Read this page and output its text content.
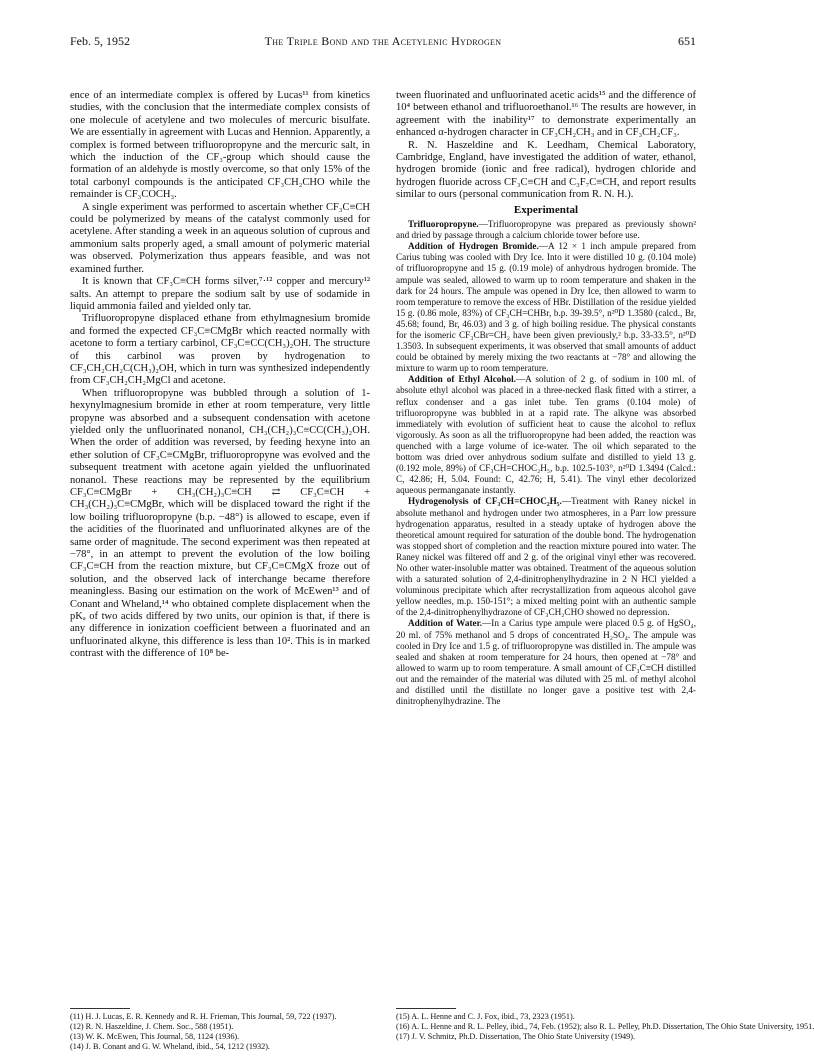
Feb. 5, 1952	The Triple Bond and the Acetylenic Hydrogen	651

ence of an intermediate complex is offered by Lucas¹¹ from kinetics studies, with the conclusion that the intermediate complex consists of one molecule of acetylene and two molecules of mercuric bisulfate. We are essentially in agreement with Lucas and Hennion. Apparently, a complex is formed between trifluoropropyne and the mercuric salt, in which the induction of the CF₃-group which should cause the formation of an aldehyde is mostly overcome, so that only 15% of the total carbonyl compounds is the anticipated CF₃CH₂CHO while the remainder is CF₃COCH₃.

A single experiment was performed to ascertain whether CF₃C≡CH could be polymerized by means of the catalyst commonly used for acetylene. After standing a week in an aqueous solution of cuprous and ammonium salts properly aged, a small amount of polymeric material was observed. Polymerization thus appears feasible, and was not examined further.

It is known that CF₃C≡CH forms silver,⁷·¹² copper and mercury¹² salts. An attempt to prepare the sodium salt by use of sodamide in liquid ammonia failed and yielded only tar.

Trifluoropropyne displaced ethane from ethylmagnesium bromide and formed the expected CF₃C≡CMgBr which reacted normally with acetone to form a tertiary carbinol, CF₃C≡CC(CH₃)₂OH. The structure of this carbinol was proven by hydrogenation to CF₃CH₂CH₂C(CH₃)₂OH, which in turn was synthesized independently from CF₃CH₂CH₂MgCl and acetone.

When trifluoropropyne was bubbled through a solution of 1-hexynylmagnesium bromide in ether at room temperature, very little propyne was absorbed and a subsequent condensation with acetone yielded only the unfluorinated nonanol, CH₃(CH₂)₃C≡CC(CH₃)₂OH. When the order of addition was reversed, by feeding hexyne into an ether solution of CF₃C≡CMgBr, trifluoropropyne was evolved and the subsequent treatment with acetone again yielded the unfluorinated nonanol. These reactions may be represented by the equilibrium CF₃C≡CMgBr + CH₃(CH₂)₃C≡CH ⇄ CF₃C≡CH + CH₃(CH₂)₃C≡CMgBr, which will be displaced toward the right if the low boiling trifluoropropyne (b.p. −48°) is allowed to escape, even if the acidities of the fluorinated and unfluorinated alkynes are of the same order of magnitude. The second experiment was then repeated at −78°, in an attempt to prevent the evolution of the low boiling CF₃C≡CH from the reaction mixture, but CF₃C≡CMgX froze out of solution, and the observed lack of interchange became therefore meaningless. Basing our estimation on the work of McEwen¹³ and of Conant and Wheland,¹⁴ who obtained complete displacement when the pKₐ of two acids differed by two units, our opinion is that, if there is any difference in ionization coefficient between a fluorinated and an unfluorinated alkyne, this difference is less than 10². This is in marked contrast with the difference of 10⁸ be-

tween fluorinated and unfluorinated acetic acids¹⁵ and the difference of 10⁴ between ethanol and trifluoroethanol.¹⁶ The results are however, in agreement with the inability¹⁷ to demonstrate experimentally an enhanced α-hydrogen character in CF₃CH₂CH₃ and in CF₃CH₂CF₃.

R. N. Haszeldine and K. Leedham, Chemical Laboratory, Cambridge, England, have investigated the addition of water, ethanol, hydrogen bromide (ionic and free radical), hydrogen chloride and hydrogen fluoride across CF₃C≡CH and C₃F₇C≡CH, and report results similar to ours (personal communication from R. N. H.).

Experimental

Trifluoropropyne.—Trifluoropropyne was prepared as previously shown² and dried by passage through a calcium chloride tower before use.

Addition of Hydrogen Bromide.—A 12 × 1 inch ampule prepared from Carius tubing was cooled with Dry Ice. Into it were distilled 10 g. (0.104 mole) of trifluoropropyne and 15 g. (0.19 mole) of anhydrous hydrogen bromide. The ampule was sealed, allowed to warm up to room temperature and shaken in the dark for 24 hours. The ampule was opened in Dry Ice, then allowed to warm to room temperature to remove the excess of HBr. Distillation of the residue yielded 15 g. (0.86 mole, 83%) of CF₃CH=CHBr, b.p. 39-39.5°, n²⁰D 1.3580 (calcd., Br, 45.68; found, Br, 46.03) and 3 g. of high boiling residue. The physical constants for the isomeric CF₃CBr=CH₂ have been given previously,² b.p. 33-33.5°, n²⁰D 1.3503. In subsequent experiments, it was observed that small amounts of adduct could be obtained by merely mixing the two reactants at −78° and allowing the mixture to warm up to room temperature.

Addition of Ethyl Alcohol.—A solution of 2 g. of sodium in 100 ml. of absolute ethyl alcohol was placed in a three-necked flask fitted with a stirrer, a reflux condenser and a gas inlet tube. Ten grams (0.104 mole) of trifluoropropyne was bubbled in at a rapid rate. The alkyne was absorbed immediately with evolution of sufficient heat to cause the alcohol to reflux vigorously. As soon as all the trifluoropropyne had been added, the reaction was quenched with a large volume of ice-water. The oil which separated to the bottom was dried over anhydrous sodium sulfate and distilled to yield 13 g. (0.192 mole, 89%) of CF₃CH=CHOC₂H₅, b.p. 102.5-103°, n²⁰D 1.3494 (Calcd.: C, 42.86; H, 5.04. Found: C, 42.76; H, 5.41). The vinyl ether decolorized aqueous permanganate instantly.

Hydrogenolysis of CF₃CH=CHOC₂H₅.—Treatment with Raney nickel in absolute methanol and hydrogen under two atmospheres, in a Parr low pressure hydrogenation apparatus, resulted in a steady uptake of hydrogen above the theoretical amount required for saturation of the double bond. The hydrogenation was stopped short of completion and the reaction mixture poured into water. The Raney nickel was filtered off and 2 g. of the original vinyl ether was recovered. No other water-insoluble matter was obtained. Treatment of the aqueous solution with a saturated solution of 2,4-dinitrophenylhydrazine in 2 N HCl yielded a voluminous precipitate which after recrystallization from aqueous alcohol gave yellow needles, m.p. 150-151°; a mixed melting point with an authentic sample of the 2,4-dinitrophenylhydrazone of CF₃CH₂CHO showed no depression.

Addition of Water.—In a Carius type ampule were placed 0.5 g. of HgSO₄, 20 ml. of 75% methanol and 5 drops of concentrated H₂SO₄. The ampule was cooled in Dry Ice and 1.5 g. of trifluoropropyne was distilled in. The ampule was sealed and shaken at room temperature for 24 hours, then opened at −78° and allowed to warm up to room temperature. A small amount of CF₃C≡CH distilled out and the remainder of the material was diluted with 25 ml. of methyl alcohol and distilled until the distillate no longer gave a positive test with 2,4-dinitrophenylhydrazine. The

(11) H. J. Lucas, E. R. Kennedy and R. H. Frieman, This Journal, 59, 722 (1937).
(12) R. N. Haszeldine, J. Chem. Soc., 588 (1951).
(13) W. K. McEwen, This Journal, 58, 1124 (1936).
(14) J. B. Conant and G. W. Wheland, ibid., 54, 1212 (1932).
(15) A. L. Henne and C. J. Fox, ibid., 73, 2323 (1951).
(16) A. L. Henne and R. L. Pelley, ibid., 74, Feb. (1952); also R. L. Pelley, Ph.D. Dissertation, The Ohio State University, 1951.
(17) J. V. Schmitz, Ph.D. Dissertation, The Ohio State University (1949).
